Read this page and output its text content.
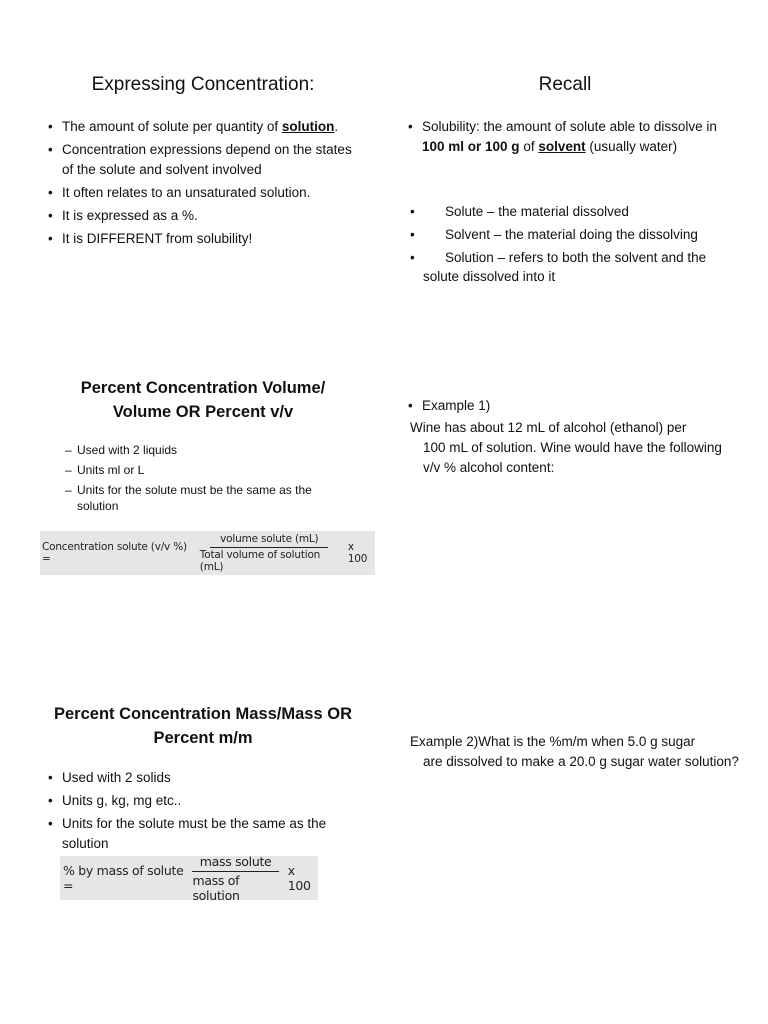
Expressing Concentration:
• The amount of solute per quantity of solution.
• Concentration expressions depend on the states of the solute and solvent involved
• It often relates to an unsaturated solution.
• It is expressed as a %.
• It is DIFFERENT from solubility!
Recall
• Solubility: the amount of solute able to dissolve in 100 ml or 100 g of solvent (usually water)
• Solute – the material dissolved
• Solvent – the material doing the dissolving
•	Solution – refers to both the solvent and the solute dissolved into it
Percent Concentration Volume/ Volume OR Percent v/v
– Used with 2 liquids
– Units ml or L
– Units for the solute must be the same as the solution
Concentration solute (v/v %) =	$\frac{\text{volume solute (mL)}}{\text{Total volume of solution (mL)}}$ x 100
• Example 1)
Wine has about 12 mL of alcohol (ethanol) per
100 mL of solution. Wine would have the following v/v % alcohol content:
Percent Concentration Mass/Mass OR Percent m/m
• Used with 2 solids
• Units g, kg, mg etc..
• Units for the solute must be the same as the solution
% by mass of solute =	$\frac{\text{mass solute}}{\text{mass of solution}}$ x 100
Example 2)What is the %m/m when 5.0 g sugar
are dissolved to make a 20.0 g sugar water solution?
